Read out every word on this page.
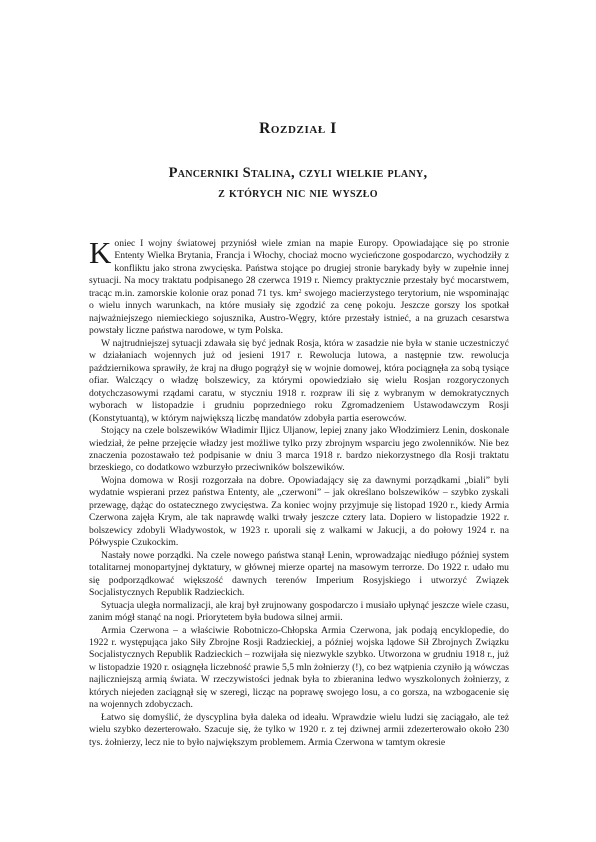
Rozdział I
Pancerniki Stalina, czyli wielkie plany,
z których nic nie wyszło

Koniec I wojny światowej przyniósł wiele zmian na mapie Europy. Opowiadające się po stronie Ententy Wielka Brytania, Francja i Włochy, chociaż mocno wycieńczone gospodarczo, wychodziły z konfliktu jako strona zwycięska. Państwa stojące po drugiej stronie barykady były w zupełnie innej sytuacji. Na mocy traktatu podpisanego 28 czerwca 1919 r. Niemcy praktycznie przestały być mocarstwem, tracąc m.in. zamorskie kolonie oraz ponad 71 tys. $km^2$ swojego macierzystego terytorium, nie wspominając o wielu innych warunkach, na które musiały się zgodzić za cenę pokoju. Jeszcze gorszy los spotkał najważniejszego niemieckiego sojusznika, Austro-Węgry, które przestały istnieć, a na gruzach cesarstwa powstały liczne państwa narodowe, w tym Polska.

W najtrudniejszej sytuacji zdawała się być jednak Rosja, która w zasadzie nie była w stanie uczestniczyć w działaniach wojennych już od jesieni 1917 r. Rewolucja lutowa, a następnie tzw. rewolucja październikowa sprawiły, że kraj na długo pogrążył się w wojnie domowej, która pociągnęła za sobą tysiące ofiar. Walczący o władzę bolszewicy, za którymi opowiedziało się wielu Rosjan rozgoryczonych dotychczasowymi rządami caratu, w styczniu 1918 r. rozpraw ili się z wybranym w demokratycznych wyborach w listopadzie i grudniu poprzedniego roku Zgromadzeniem Ustawodawczym Rosji (Konstytuantą), w którym największą liczbę mandatów zdobyła partia eserowców.

Stojący na czele bolszewików Władimir Iljicz Uljanow, lepiej znany jako Włodzimierz Lenin, doskonale wiedział, że pełne przejęcie władzy jest możliwe tylko przy zbrojnym wsparciu jego zwolenników. Nie bez znaczenia pozostawało też podpisanie w dniu 3 marca 1918 r. bardzo niekorzystnego dla Rosji traktatu brzeskiego, co dodatkowo wzburzyło przeciwników bolszewików.

Wojna domowa w Rosji rozgorzała na dobre. Opowiadający się za dawnymi porządkami „biali” byli wydatnie wspierani przez państwa Ententy, ale „czerwoni” – jak określano bolszewików – szybko zyskali przewagę, dążąc do ostatecznego zwycięstwa. Za koniec wojny przyjmuje się listopad 1920 r., kiedy Armia Czerwona zajęła Krym, ale tak naprawdę walki trwały jeszcze cztery lata. Dopiero w listopadzie 1922 r. bolszewicy zdobyli Władywostok, w 1923 r. uporali się z walkami w Jakucji, a do połowy 1924 r. na Półwyspie Czukockim.

Nastały nowe porządki. Na czele nowego państwa stanął Lenin, wprowadzając niedługo później system totalitarnej monopartyjnej dyktatury, w głównej mierze opartej na masowym terrorze. Do 1922 r. udało mu się podporządkować większość dawnych terenów Imperium Rosyjskiego i utworzyć Związek Socjalistycznych Republik Radzieckich.

Sytuacja uległa normalizacji, ale kraj był zrujnowany gospodarczo i musiało upłynąć jeszcze wiele czasu, zanim mógł stanąć na nogi. Priorytetem była budowa silnej armii.

Armia Czerwona – a właściwie Robotniczo-Chłopska Armia Czerwona, jak podają encyklopedie, do 1922 r. występująca jako Siły Zbrojne Rosji Radzieckiej, a później wojska lądowe Sił Zbrojnych Związku Socjalistycznych Republik Radzieckich – rozwijała się niezwykle szybko. Utworzona w grudniu 1918 r., już w listopadzie 1920 r. osiągnęła liczebność prawie 5,5 mln żołnierzy (!), co bez wątpienia czyniło ją wówczas najliczniejszą armią świata. W rzeczywistości jednak była to zbieranina ledwo wyszkolonych żołnierzy, z których niejeden zaciągnął się w szeregi, licząc na poprawę swojego losu, a co gorsza, na wzbogacenie się na wojennych zdobyczach.

Łatwo się domyślić, że dyscyplina była daleka od ideału. Wprawdzie wielu ludzi się zaciągało, ale też wielu szybko dezerterowało. Szacuje się, że tylko w 1920 r. z tej dziwnej armii zdezerterowało około 230 tys. żołnierzy, lecz nie to było największym problemem. Armia Czerwona w tamtym okresie
